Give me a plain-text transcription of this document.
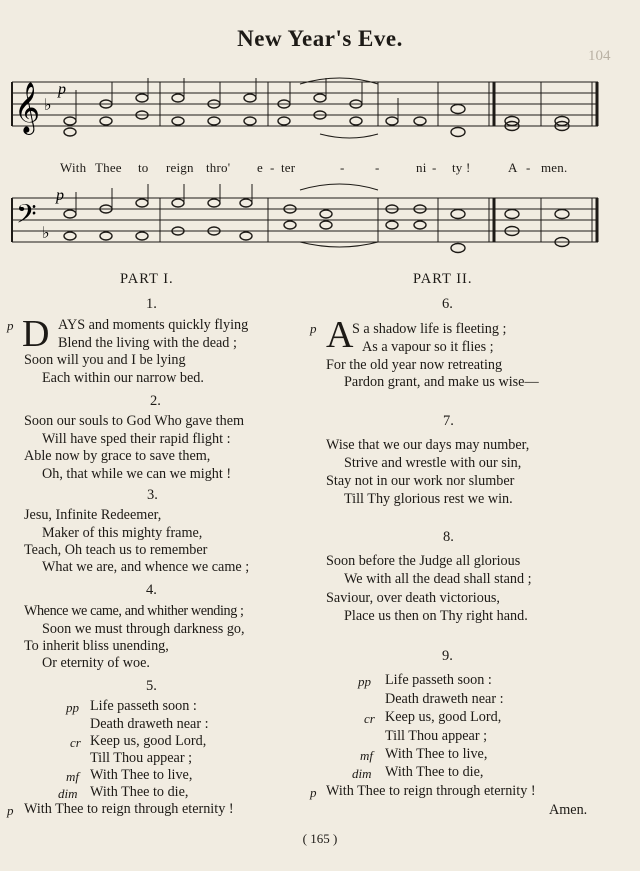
New Year's Eve.
104
𝄞 ♭
p
With Thee to reign thro' e - ter	- -	ni - ty !	A - men.
𝄢 ♭
p
PART I.
1.
p D AYS and moments quickly flying
Blend the living with the dead ;
Soon will you and I be lying
Each within our narrow bed.
2.
Soon our souls to God Who gave them
Will have sped their rapid flight :
Able now by grace to save them,
Oh, that while we can we might !
3.
Jesu, Infinite Redeemer,
Maker of this mighty frame,
Teach, Oh teach us to remember
What we are, and whence we came ;
4.
Whence we came, and whither wending ;
Soon we must through darkness go,
To inherit bliss unending,
Or eternity of woe.
5.
pp Life passeth soon :
Death draweth near :
cr Keep us, good Lord,
Till Thou appear ;
mf With Thee to live,
dim With Thee to die,
p With Thee to reign through eternity !
PART II.
6.
p A
S a shadow life is fleeting ;
As a vapour so it flies ;
For the old year now retreating
Pardon grant, and make us wise—
7.
Wise that we our days may number,
Strive and wrestle with our sin,
Stay not in our work nor slumber
Till Thy glorious rest we win.
8.
Soon before the Judge all glorious
We with all the dead shall stand ;
Saviour, over death victorious,
Place us then on Thy right hand.
9.
pp Life passeth soon :
Death draweth near :
cr Keep us, good Lord,
Till Thou appear ;
mf With Thee to live,
dim With Thee to die,
p With Thee to reign through eternity !
Amen.
( 165 )
